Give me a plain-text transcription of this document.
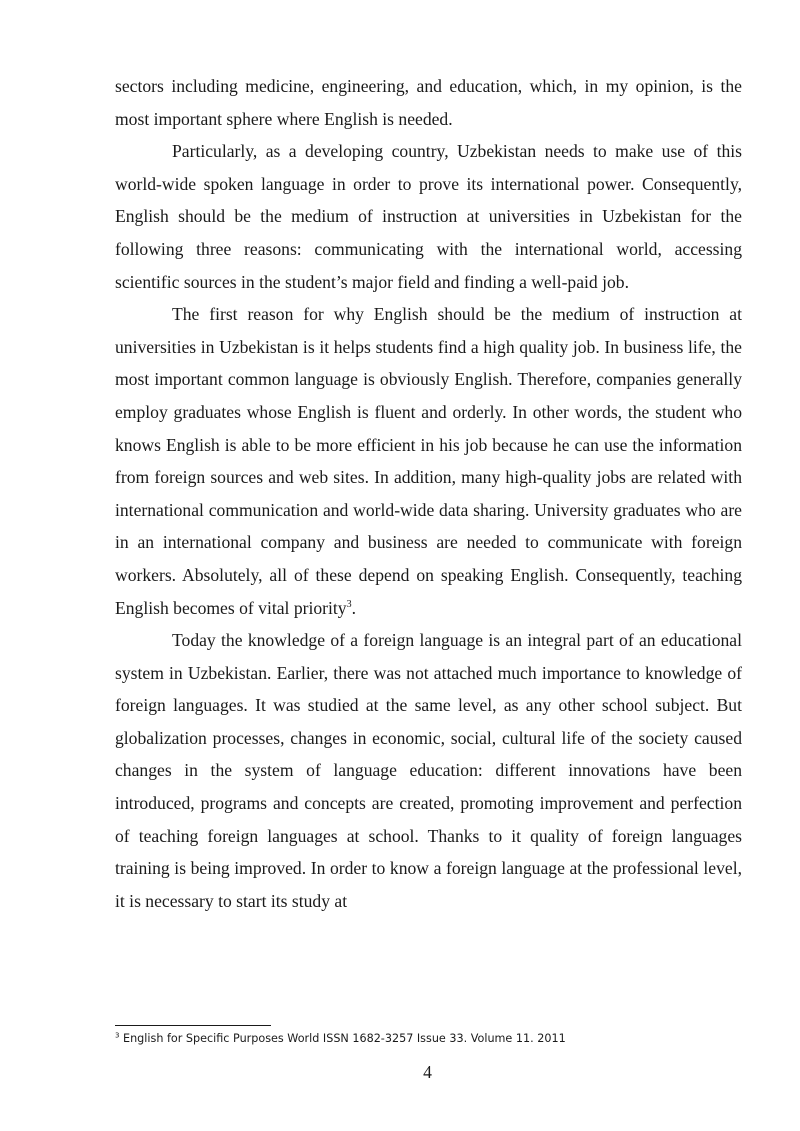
sectors including medicine, engineering, and education, which, in my opinion, is the most important sphere where English is needed.

Particularly, as a developing country, Uzbekistan needs to make use of this world-wide spoken language in order to prove its international power. Consequently, English should be the medium of instruction at universities in Uzbekistan for the following three reasons: communicating with the international world, accessing scientific sources in the student’s major field and finding a well-paid job.

The first reason for why English should be the medium of instruction at universities in Uzbekistan is it helps students find a high quality job. In business life, the most important common language is obviously English. Therefore, companies generally employ graduates whose English is fluent and orderly. In other words, the student who knows English is able to be more efficient in his job because he can use the information from foreign sources and web sites. In addition, many high-quality jobs are related with international communication and world-wide data sharing. University graduates who are in an international company and business are needed to communicate with foreign workers. Absolutely, all of these depend on speaking English. Consequently, teaching English becomes of vital priority$^3$.

Today the knowledge of a foreign language is an integral part of an educational system in Uzbekistan. Earlier, there was not attached much importance to knowledge of foreign languages. It was studied at the same level, as any other school subject. But globalization processes, changes in economic, social, cultural life of the society caused changes in the system of language education: different innovations have been introduced, programs and concepts are created, promoting improvement and perfection of teaching foreign languages at school. Thanks to it quality of foreign languages training is being improved. In order to know a foreign language at the professional level, it is necessary to start its study at

$^3$ English for Specific Purposes World ISSN 1682-3257 Issue 33. Volume 11. 2011
4
